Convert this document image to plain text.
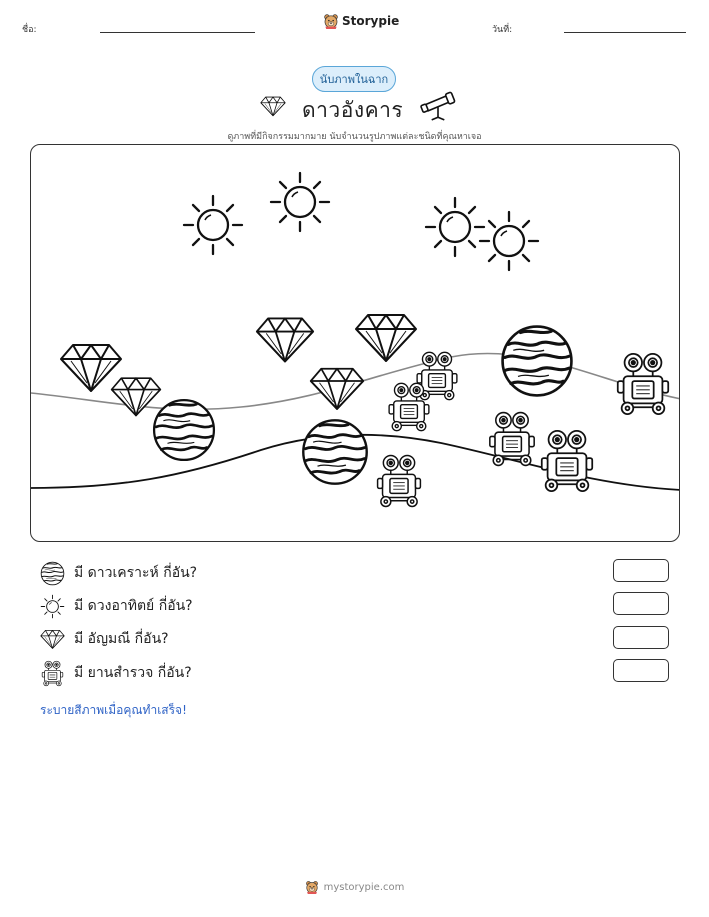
ชื่อ:
Storypie
วันที่:
นับภาพในฉาก
ดาวอังคาร
ดูภาพที่มีกิจกรรมมากมาย นับจำนวนรูปภาพแต่ละชนิดที่คุณหาเจอ
มี ดาวเคราะห์ กี่อัน?
มี ดวงอาทิตย์ กี่อัน?
มี อัญมณี กี่อัน?
มี ยานสำรวจ กี่อัน?
ระบายสีภาพเมื่อคุณทำเสร็จ!
mystorypie.com
